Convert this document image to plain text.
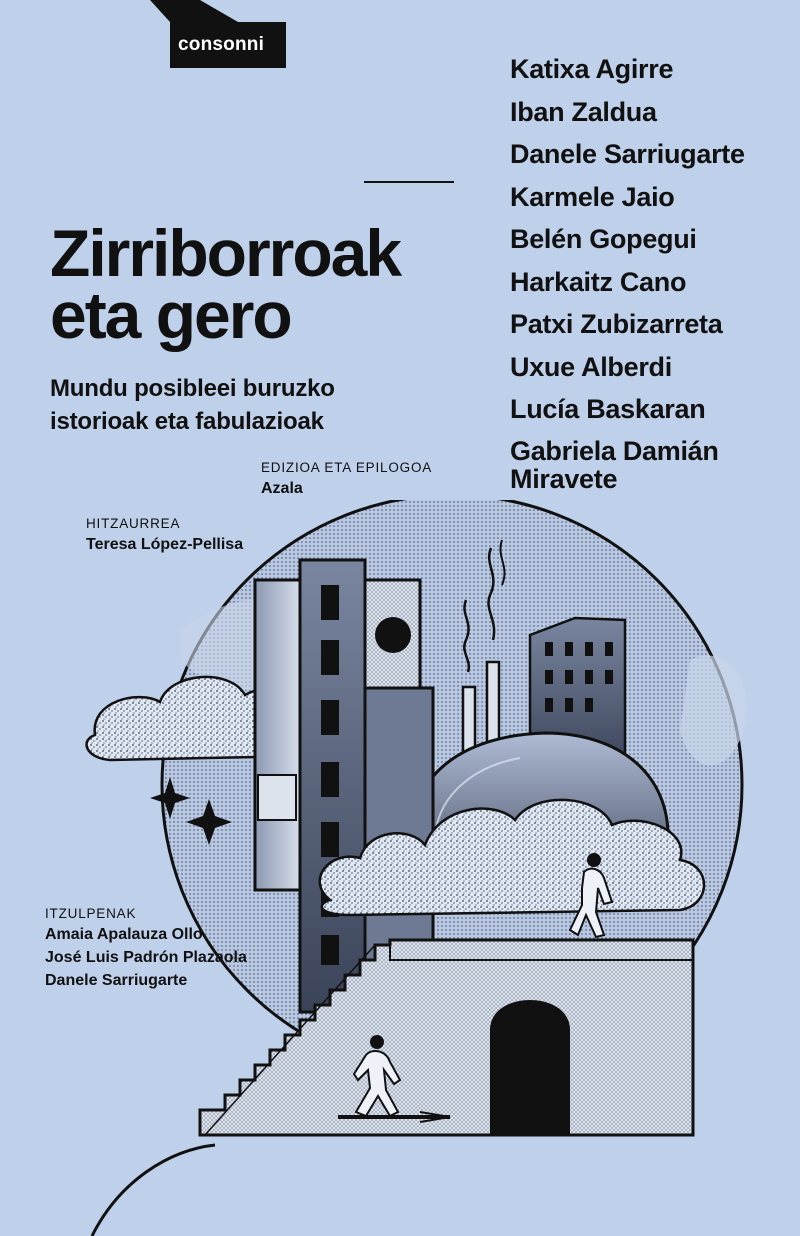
consonni
Katixa Agirre
Iban Zaldua
Danele Sarriugarte
Karmele Jaio
Belén Gopegui
Harkaitz Cano
Patxi Zubizarreta
Uxue Alberdi
Lucía Baskaran
Gabriela Damián
Miravete
Zirriborroak
eta gero
Mundu posibleei buruzko
istorioak eta fabulazioak
EDIZIOA ETA EPILOGOA
Azala
HITZAURREA
Teresa López-Pellisa
ITZULPENAK
Amaia Apalauza Ollo
José Luis Padrón Plazaola
Danele Sarriugarte
